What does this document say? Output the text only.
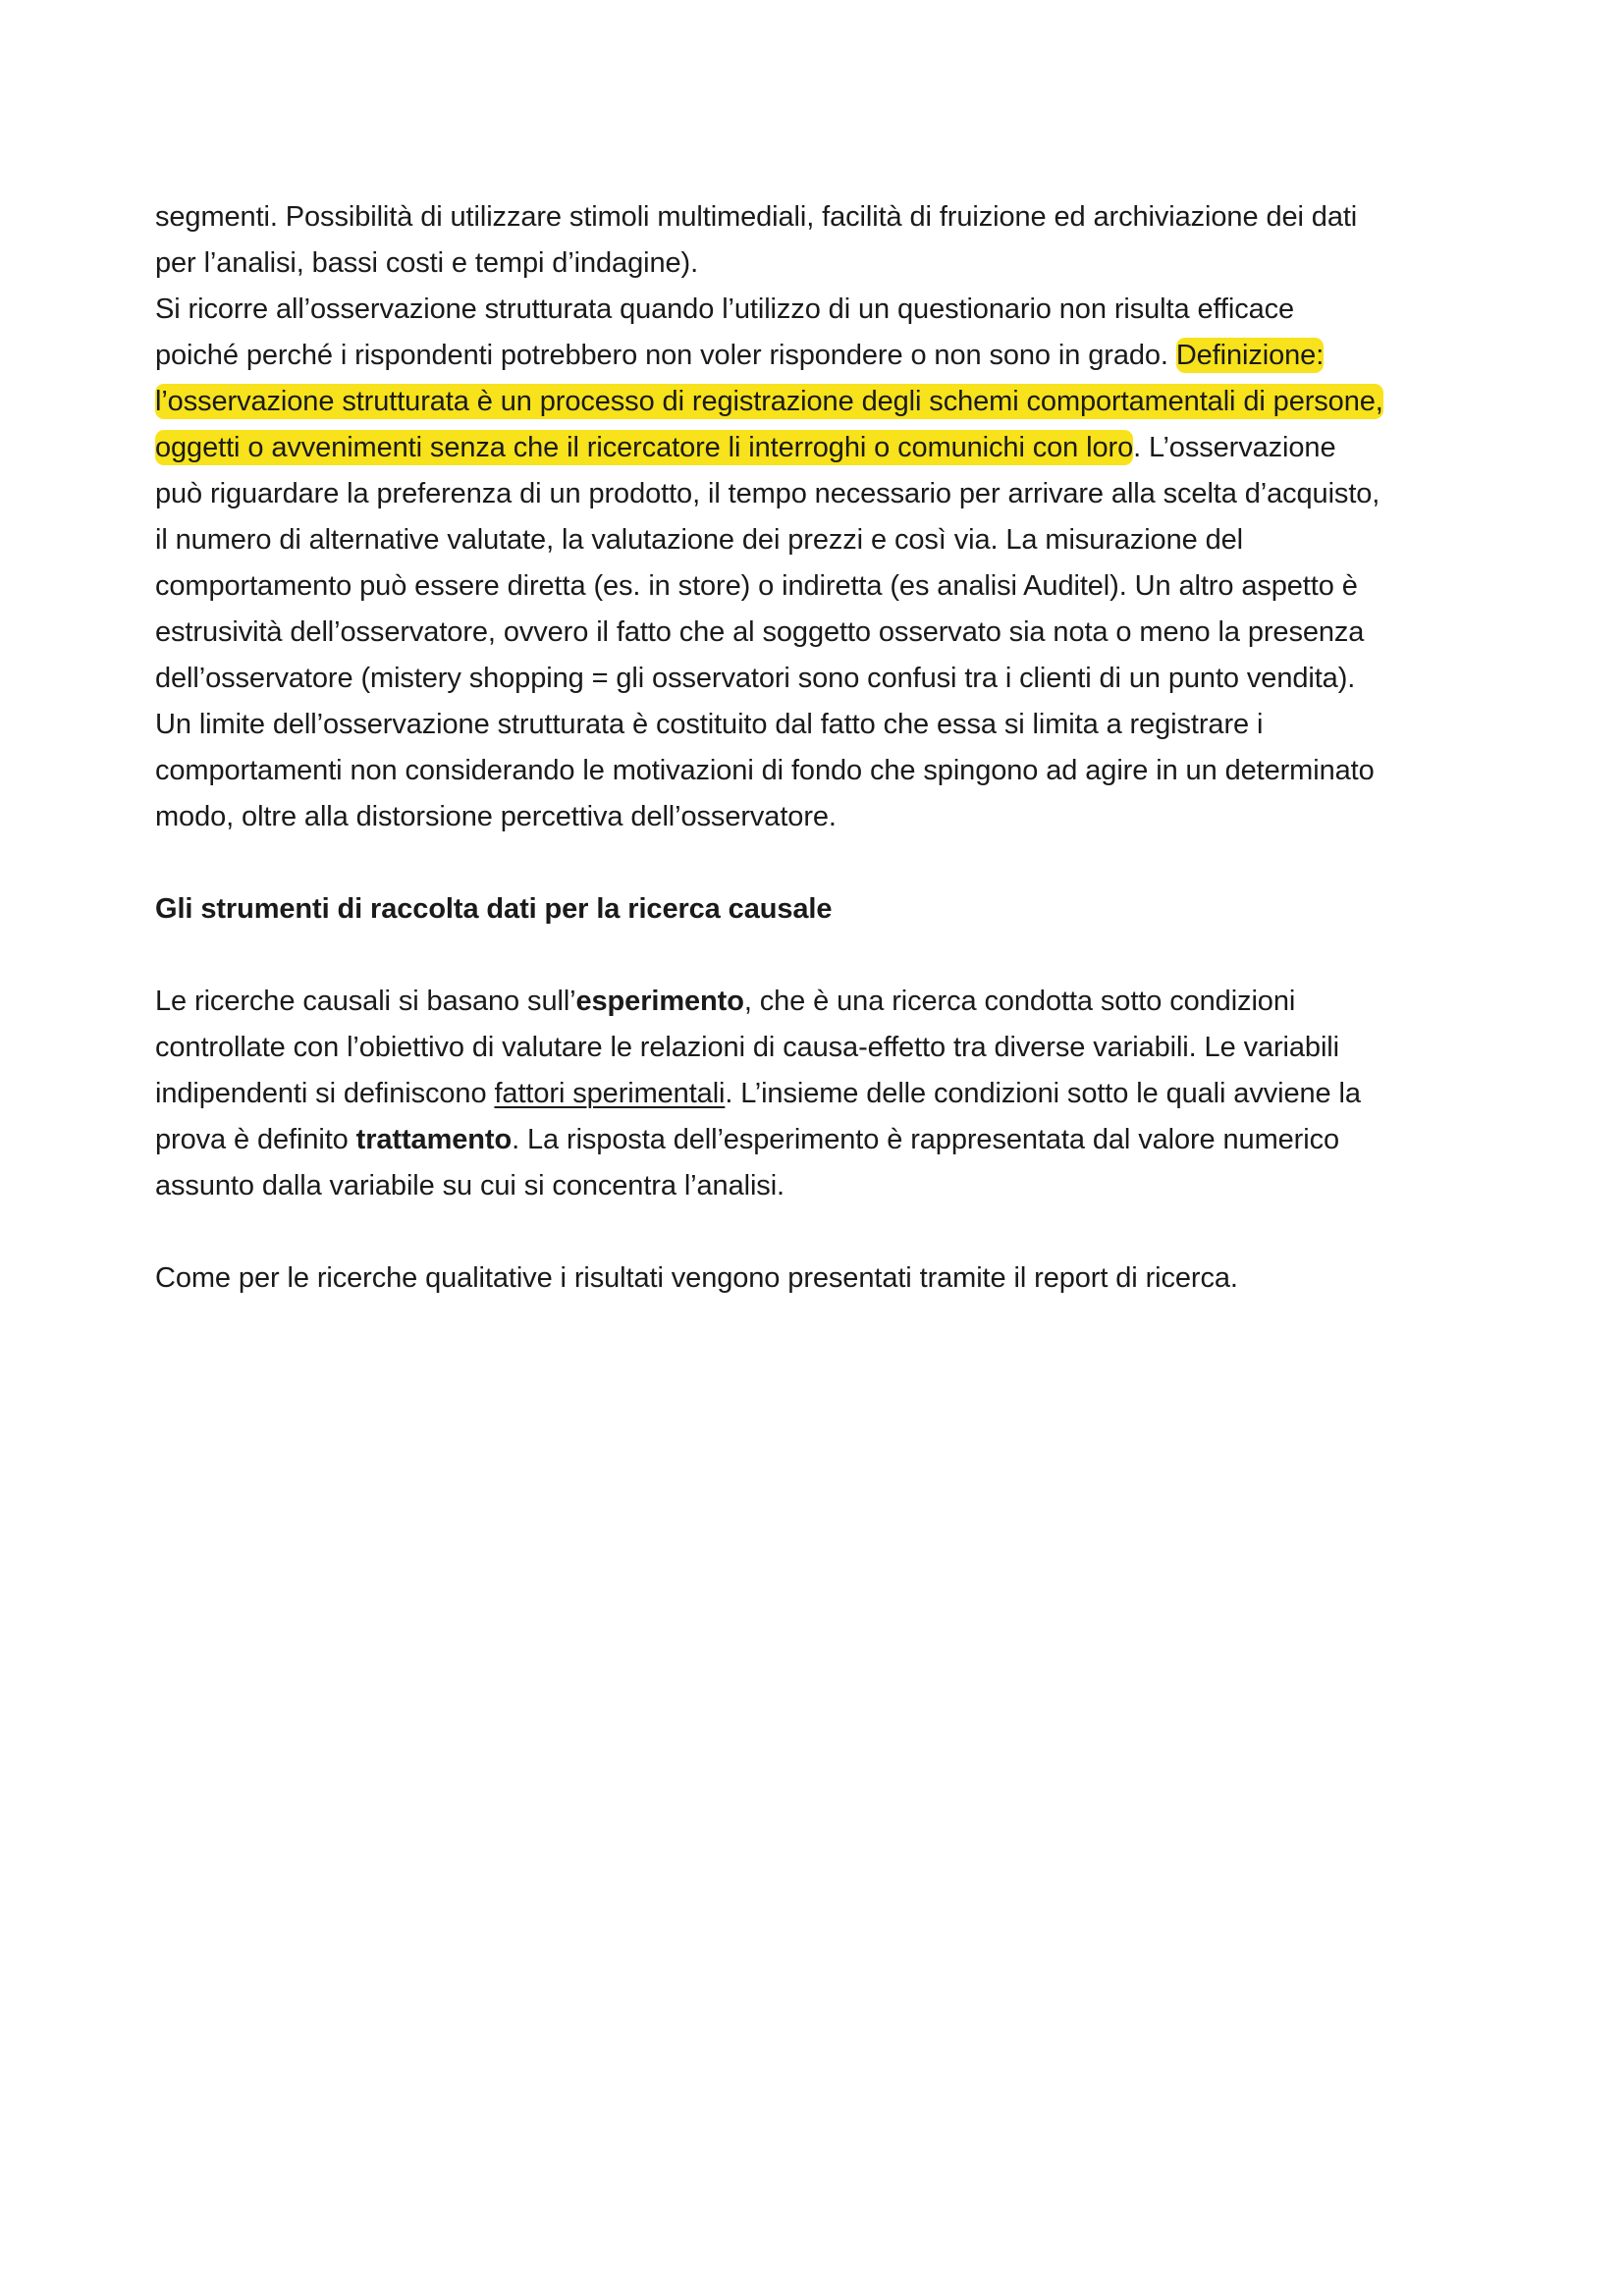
segmenti. Possibilità di utilizzare stimoli multimediali, facilità di fruizione ed archiviazione dei dati
per l’analisi, bassi costi e tempi d’indagine).
Si ricorre all’osservazione strutturata quando l’utilizzo di un questionario non risulta efficace
poiché perché i rispondenti potrebbero non voler rispondere o non sono in grado. Definizione:
l’osservazione strutturata è un processo di registrazione degli schemi comportamentali di persone,
oggetti o avvenimenti senza che il ricercatore li interroghi o comunichi con loro. L’osservazione
può riguardare la preferenza di un prodotto, il tempo necessario per arrivare alla scelta d’acquisto,
il numero di alternative valutate, la valutazione dei prezzi e così via. La misurazione del
comportamento può essere diretta (es. in store) o indiretta (es analisi Auditel). Un altro aspetto è
estrusività dell’osservatore, ovvero il fatto che al soggetto osservato sia nota o meno la presenza
dell’osservatore (mistery shopping = gli osservatori sono confusi tra i clienti di un punto vendita).
Un limite dell’osservazione strutturata è costituito dal fatto che essa si limita a registrare i
comportamenti non considerando le motivazioni di fondo che spingono ad agire in un determinato
modo, oltre alla distorsione percettiva dell’osservatore.
Gli strumenti di raccolta dati per la ricerca causale
Le ricerche causali si basano sull’esperimento, che è una ricerca condotta sotto condizioni
controllate con l’obiettivo di valutare le relazioni di causa-effetto tra diverse variabili. Le variabili
indipendenti si definiscono fattori sperimentali. L’insieme delle condizioni sotto le quali avviene la
prova è definito trattamento. La risposta dell’esperimento è rappresentata dal valore numerico
assunto dalla variabile su cui si concentra l’analisi.
Come per le ricerche qualitative i risultati vengono presentati tramite il report di ricerca.
